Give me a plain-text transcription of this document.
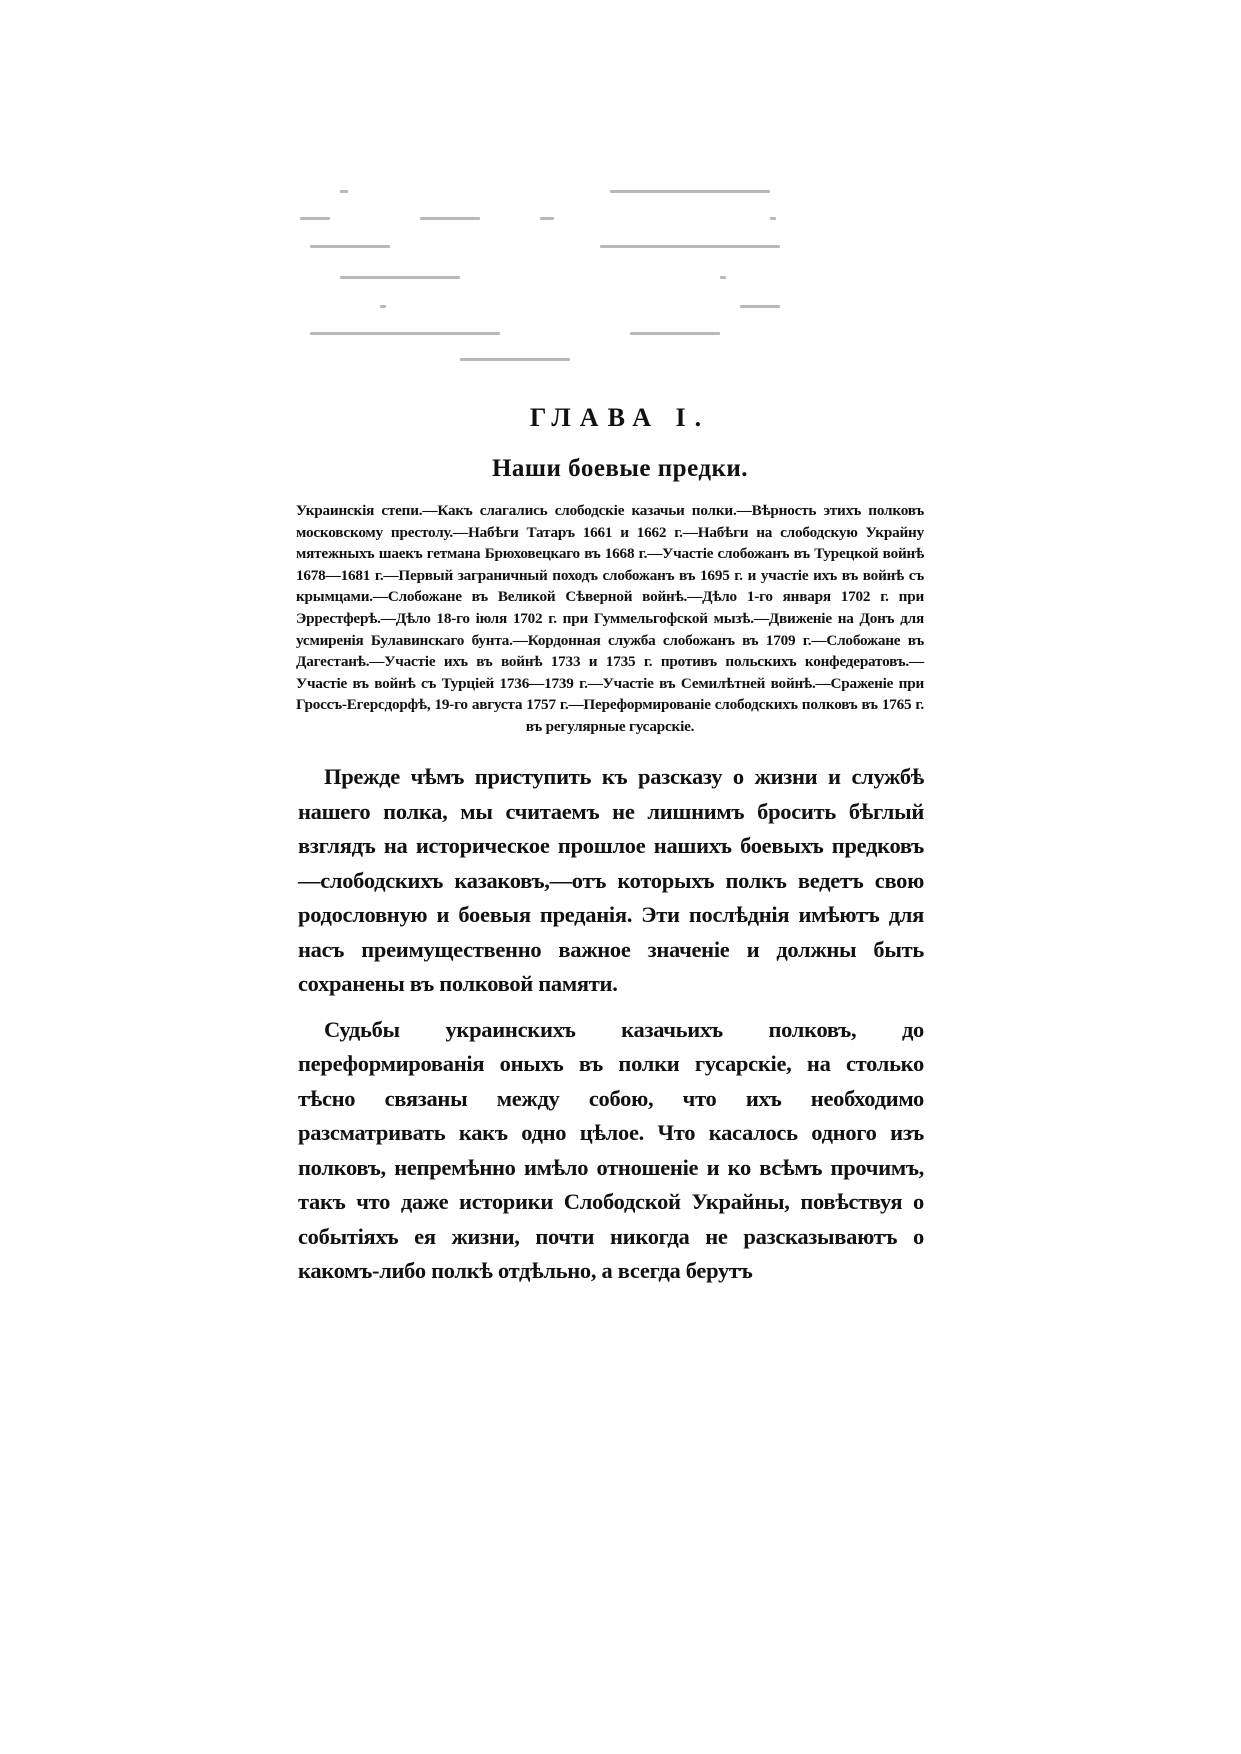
ГЛАВА I.
Наши боевые предки.
Украинскія степи.—Какъ слагались слободскіе казачьи полки.—Вѣрность этихъ полковъ московскому престолу.—Набѣги Татаръ 1661 и 1662 г.—Набѣги на слободскую Украйну мятежныхъ шаекъ гетмана Брюховецкаго въ 1668 г.—Участіе слобожанъ въ Турецкой войнѣ 1678—1681 г.—Первый заграничный походъ слобожанъ въ 1695 г. и участіе ихъ въ войнѣ съ крымцами.—Слобожане въ Великой Сѣверной войнѣ.—Дѣло 1-го января 1702 г. при Эррестферѣ.—Дѣло 18-го іюля 1702 г. при Гуммельгофской мызѣ.—Движеніе на Донъ для усмиренія Булавинскаго бунта.—Кордонная служба слобожанъ въ 1709 г.—Слобожане въ Дагестанѣ.—Участіе ихъ въ войнѣ 1733 и 1735 г. противъ польскихъ конфедератовъ.—Участіе въ войнѣ съ Турціей 1736—1739 г.—Участіе въ Семилѣтней войнѣ.—Сраженіе при Гроссъ-Егерсдорфѣ, 19-го августа 1757 г.—Переформированіе слободскихъ полковъ въ 1765 г. въ регулярные гусарскіе.

Прежде чѣмъ приступить къ разсказу о жизни и службѣ нашего полка, мы считаемъ не лишнимъ бросить бѣглый взглядъ на историческое прошлое нашихъ боевыхъ предковъ—слободскихъ казаковъ,—отъ которыхъ полкъ ведетъ свою родословную и боевыя преданія. Эти послѣднія имѣютъ для насъ преимущественно важное значеніе и должны быть сохранены въ полковой памяти.

Судьбы украинскихъ казачьихъ полковъ, до переформированія оныхъ въ полки гусарскіе, на столько тѣсно связаны между собою, что ихъ необходимо разсматривать какъ одно цѣлое. Что касалось одного изъ полковъ, непремѣнно имѣло отношеніе и ко всѣмъ прочимъ, такъ что даже историки Слободской Украйны, повѣствуя о событіяхъ ея жизни, почти никогда не разсказываютъ о какомъ-либо полкѣ отдѣльно, а всегда берутъ
